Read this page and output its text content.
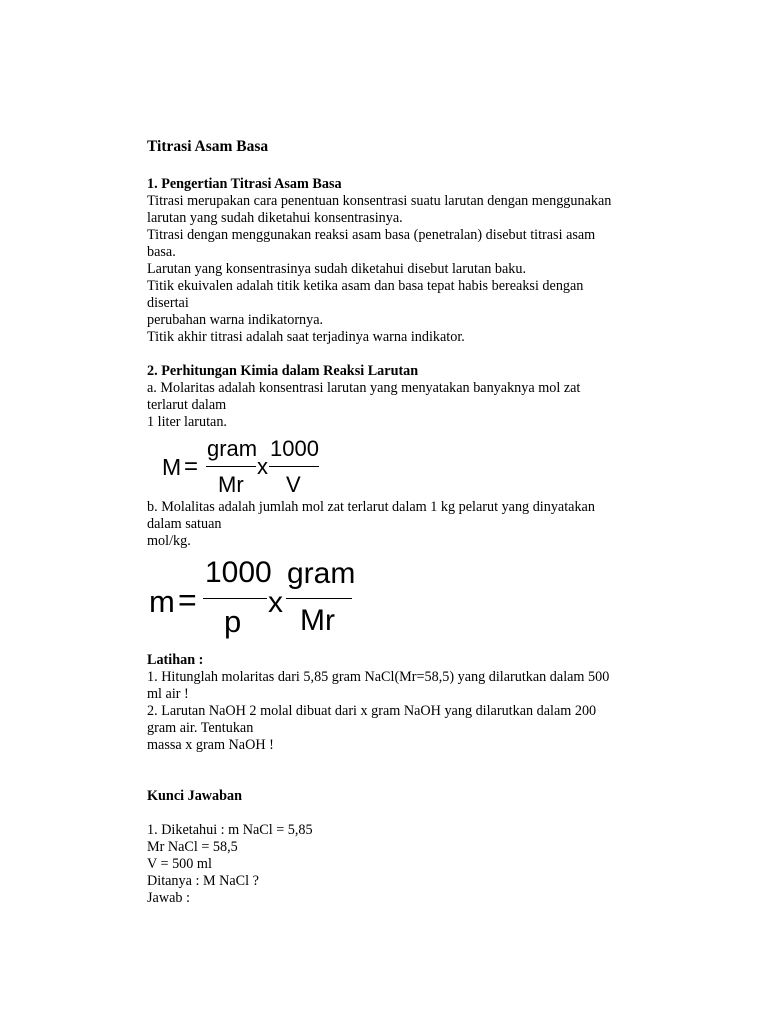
Titrasi Asam Basa
1. Pengertian Titrasi Asam Basa
Titrasi merupakan cara penentuan konsentrasi suatu larutan dengan menggunakan
larutan yang sudah diketahui konsentrasinya.
Titrasi dengan menggunakan reaksi asam basa (penetralan) disebut titrasi asam
basa.
Larutan yang konsentrasinya sudah diketahui disebut larutan baku.
Titik ekuivalen adalah titik ketika asam dan basa tepat habis bereaksi dengan
disertai
perubahan warna indikatornya.
Titik akhir titrasi adalah saat terjadinya warna indikator.
2. Perhitungan Kimia dalam Reaksi Larutan
a. Molaritas adalah konsentrasi larutan yang menyatakan banyaknya mol zat
terlarut dalam
1 liter larutan.
M =
gram
Mr
x
1000
V
b. Molalitas adalah jumlah mol zat terlarut dalam 1 kg pelarut yang dinyatakan
dalam satuan
mol/kg.
m =
1000
p
x
gram
Mr
Latihan :
1. Hitunglah molaritas dari 5,85 gram NaCl(Mr=58,5) yang dilarutkan dalam 500
ml air !
2. Larutan NaOH 2 molal dibuat dari x gram NaOH yang dilarutkan dalam 200
gram air. Tentukan
massa x gram NaOH !
Kunci Jawaban
1. Diketahui : m NaCl = 5,85
Mr NaCl = 58,5
V = 500 ml
Ditanya : M NaCl ?
Jawab :
